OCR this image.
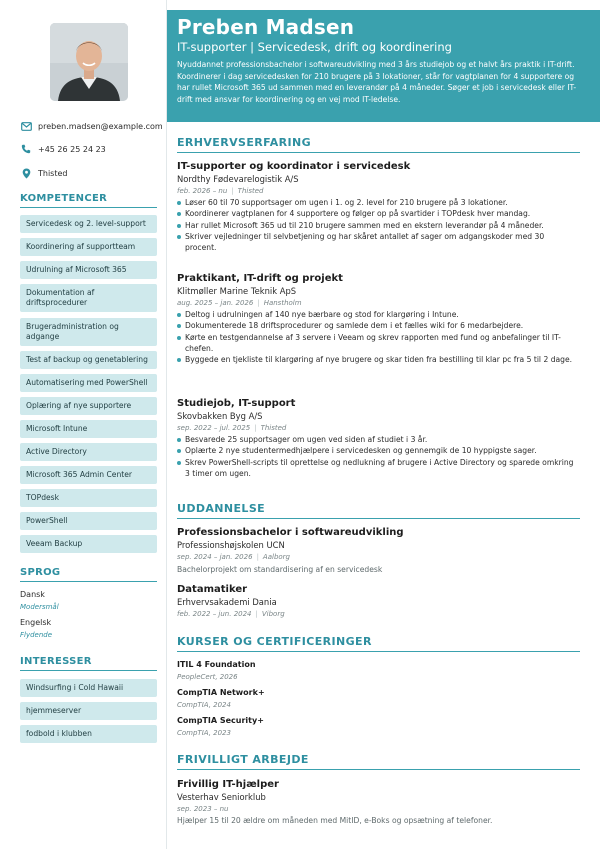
preben.madsen@example.com
+45 26 25 24 23
Thisted
KOMPETENCER
Servicedesk og 2. level-support
Koordinering af supportteam
Udrulning af Microsoft 365
Dokumentation af driftsprocedurer
Brugeradministration og adgange
Test af backup og genetablering
Automatisering med PowerShell
Oplæring af nye supportere
Microsoft Intune
Active Directory
Microsoft 365 Admin Center
TOPdesk
PowerShell
Veeam Backup
SPROG
Dansk
Modersmål
Engelsk
Flydende
INTERESSER
Windsurfing i Cold Hawaii
hjemmeserver
fodbold i klubben
Preben Madsen
IT-supporter | Servicedesk, drift og koordinering
Nyuddannet professionsbachelor i softwareudvikling med 3 års studiejob og et halvt års praktik i IT-drift. Koordinerer i dag servicedesken for 210 brugere på 3 lokationer, står for vagtplanen for 4 supportere og har rullet Microsoft 365 ud sammen med en leverandør på 4 måneder. Søger et job i servicedesk eller IT-drift med ansvar for koordinering og en vej mod IT-ledelse.
ERHVERVSERFARING
IT-supporter og koordinator i servicedesk
Nordthy Fødevarelogistik A/S
feb. 2026 – nu | Thisted
Løser 60 til 70 supportsager om ugen i 1. og 2. level for 210 brugere på 3 lokationer.
Koordinerer vagtplanen for 4 supportere og følger op på svartider i TOPdesk hver mandag.
Har rullet Microsoft 365 ud til 210 brugere sammen med en ekstern leverandør på 4 måneder.
Skriver vejledninger til selvbetjening og har skåret antallet af sager om adgangskoder med 30 procent.
Praktikant, IT-drift og projekt
Klitmøller Marine Teknik ApS
aug. 2025 – jan. 2026 | Hanstholm
Deltog i udrulningen af 140 nye bærbare og stod for klargøring i Intune.
Dokumenterede 18 driftsprocedurer og samlede dem i et fælles wiki for 6 medarbejdere.
Kørte en testgendannelse af 3 servere i Veeam og skrev rapporten med fund og anbefalinger til IT-chefen.
Byggede en tjekliste til klargøring af nye brugere og skar tiden fra bestilling til klar pc fra 5 til 2 dage.
Studiejob, IT-support
Skovbakken Byg A/S
sep. 2022 – jul. 2025 | Thisted
Besvarede 25 supportsager om ugen ved siden af studiet i 3 år.
Oplærte 2 nye studentermedhjælpere i servicedesken og gennemgik de 10 hyppigste sager.
Skrev PowerShell-scripts til oprettelse og nedlukning af brugere i Active Directory og sparede omkring 3 timer om ugen.
UDDANNELSE
Professionsbachelor i softwareudvikling
Professionshøjskolen UCN
sep. 2024 – jan. 2026 | Aalborg
Bachelorprojekt om standardisering af en servicedesk
Datamatiker
Erhvervsakademi Dania
feb. 2022 – jun. 2024 | Viborg
KURSER OG CERTIFICERINGER
ITIL 4 Foundation
PeopleCert, 2026
CompTIA Network+
CompTIA, 2024
CompTIA Security+
CompTIA, 2023
FRIVILLIGT ARBEJDE
Frivillig IT-hjælper
Vesterhav Seniorklub
sep. 2023 – nu
Hjælper 15 til 20 ældre om måneden med MitID, e-Boks og opsætning af telefoner.
